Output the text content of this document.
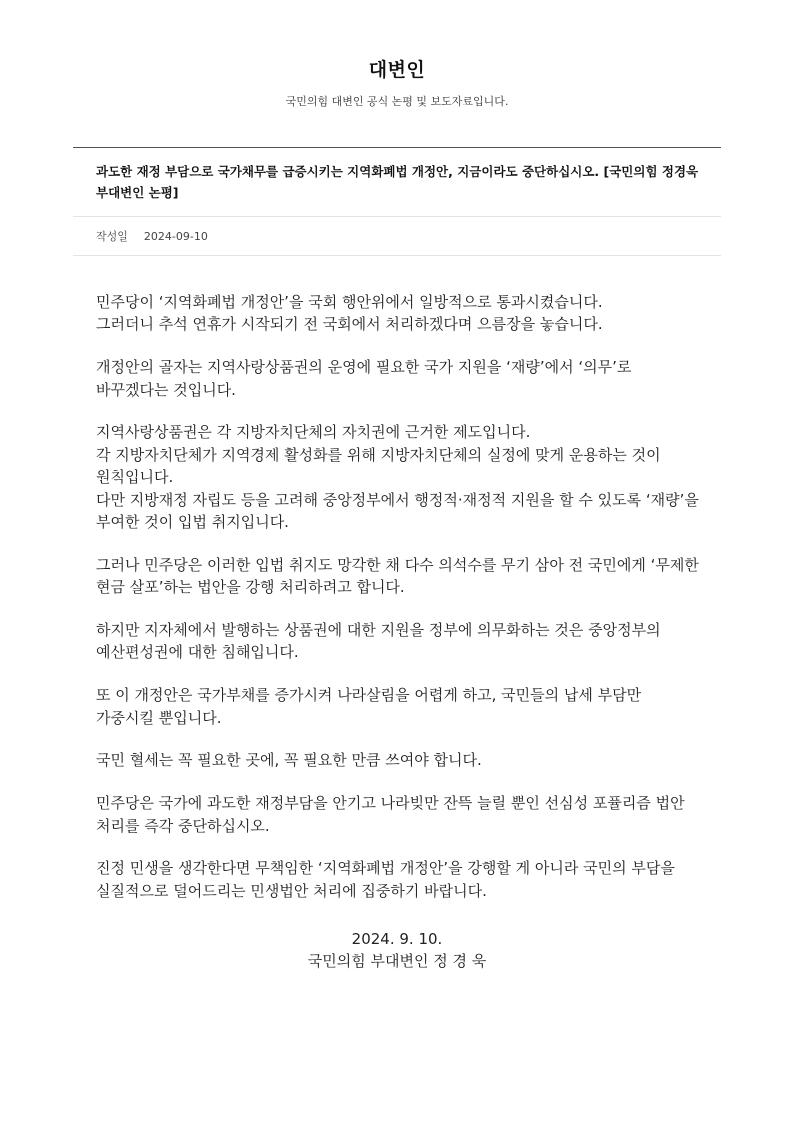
대변인
국민의힘 대변인 공식 논평 및 보도자료입니다.
과도한 재정 부담으로 국가채무를 급증시키는 지역화폐법 개정안, 지금이라도 중단하십시오. [국민의힘 정경욱 부대변인 논평]
작성일 2024-09-10

민주당이 ‘지역화폐법 개정안’을 국회 행안위에서 일방적으로 통과시켰습니다.
그러더니 추석 연휴가 시작되기 전 국회에서 처리하겠다며 으름장을 놓습니다.

개정안의 골자는 지역사랑상품권의 운영에 필요한 국가 지원을 ‘재량’에서 ‘의무’로 바꾸겠다는 것입니다.

지역사랑상품권은 각 지방자치단체의 자치권에 근거한 제도입니다.
각 지방자치단체가 지역경제 활성화를 위해 지방자치단체의 실정에 맞게 운용하는 것이 원칙입니다.
다만 지방재정 자립도 등을 고려해 중앙정부에서 행정적·재정적 지원을 할 수 있도록 ‘재량’을 부여한 것이 입법 취지입니다.

그러나 민주당은 이러한 입법 취지도 망각한 채 다수 의석수를 무기 삼아 전 국민에게 ‘무제한 현금 살포’하는 법안을 강행 처리하려고 합니다.

하지만 지자체에서 발행하는 상품권에 대한 지원을 정부에 의무화하는 것은 중앙정부의 예산편성권에 대한 침해입니다.

또 이 개정안은 국가부채를 증가시켜 나라살림을 어렵게 하고, 국민들의 납세 부담만 가중시킬 뿐입니다.

국민 혈세는 꼭 필요한 곳에, 꼭 필요한 만큼 쓰여야 합니다.

민주당은 국가에 과도한 재정부담을 안기고 나라빚만 잔뜩 늘릴 뿐인 선심성 포퓰리즘 법안 처리를 즉각 중단하십시오.

진정 민생을 생각한다면 무책임한 ‘지역화폐법 개정안’을 강행할 게 아니라 국민의 부담을 실질적으로 덜어드리는 민생법안 처리에 집중하기 바랍니다.

2024. 9. 10.
국민의힘 부대변인 정 경 욱
